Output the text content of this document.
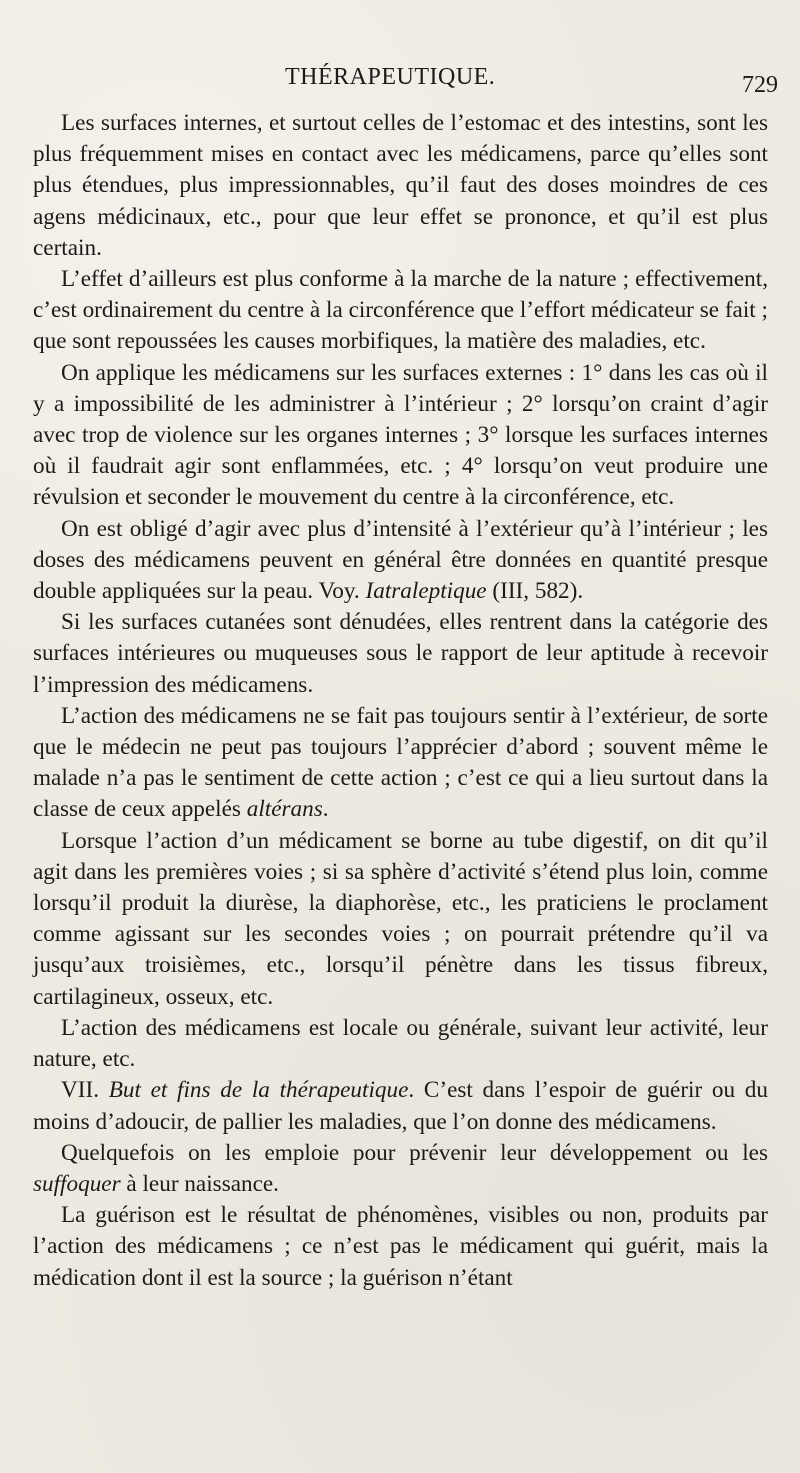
THÉRAPEUTIQUE.	729

Les surfaces internes, et surtout celles de l’estomac et des intestins, sont les plus fréquemment mises en contact avec les médicamens, parce qu’elles sont plus étendues, plus impressionnables, qu’il faut des doses moindres de ces agens médicinaux, etc., pour que leur effet se prononce, et qu’il est plus certain.

L’effet d’ailleurs est plus conforme à la marche de la nature ; effectivement, c’est ordinairement du centre à la circonférence que l’effort médicateur se fait ; que sont repoussées les causes morbifiques, la matière des maladies, etc.

On applique les médicamens sur les surfaces externes : 1° dans les cas où il y a impossibilité de les administrer à l’intérieur ; 2° lorsqu’on craint d’agir avec trop de violence sur les organes internes ; 3° lorsque les surfaces internes où il faudrait agir sont enflammées, etc. ; 4° lorsqu’on veut produire une révulsion et seconder le mouvement du centre à la circonférence, etc.

On est obligé d’agir avec plus d’intensité à l’extérieur qu’à l’intérieur ; les doses des médicamens peuvent en général être données en quantité presque double appliquées sur la peau. Voy. Iatraleptique (III, 582).

Si les surfaces cutanées sont dénudées, elles rentrent dans la catégorie des surfaces intérieures ou muqueuses sous le rapport de leur aptitude à recevoir l’impression des médicamens.

L’action des médicamens ne se fait pas toujours sentir à l’extérieur, de sorte que le médecin ne peut pas toujours l’apprécier d’abord ; souvent même le malade n’a pas le sentiment de cette action ; c’est ce qui a lieu surtout dans la classe de ceux appelés altérans.

Lorsque l’action d’un médicament se borne au tube digestif, on dit qu’il agit dans les premières voies ; si sa sphère d’activité s’étend plus loin, comme lorsqu’il produit la diurèse, la diaphorèse, etc., les praticiens le proclament comme agissant sur les secondes voies ; on pourrait prétendre qu’il va jusqu’aux troisièmes, etc., lorsqu’il pénètre dans les tissus fibreux, cartilagineux, osseux, etc.

L’action des médicamens est locale ou générale, suivant leur activité, leur nature, etc.

VII. But et fins de la thérapeutique. C’est dans l’espoir de guérir ou du moins d’adoucir, de pallier les maladies, que l’on donne des médicamens.

Quelquefois on les emploie pour prévenir leur développement ou les suffoquer à leur naissance.

La guérison est le résultat de phénomènes, visibles ou non, produits par l’action des médicamens ; ce n’est pas le médicament qui guérit, mais la médication dont il est la source ; la guérison n’étant
